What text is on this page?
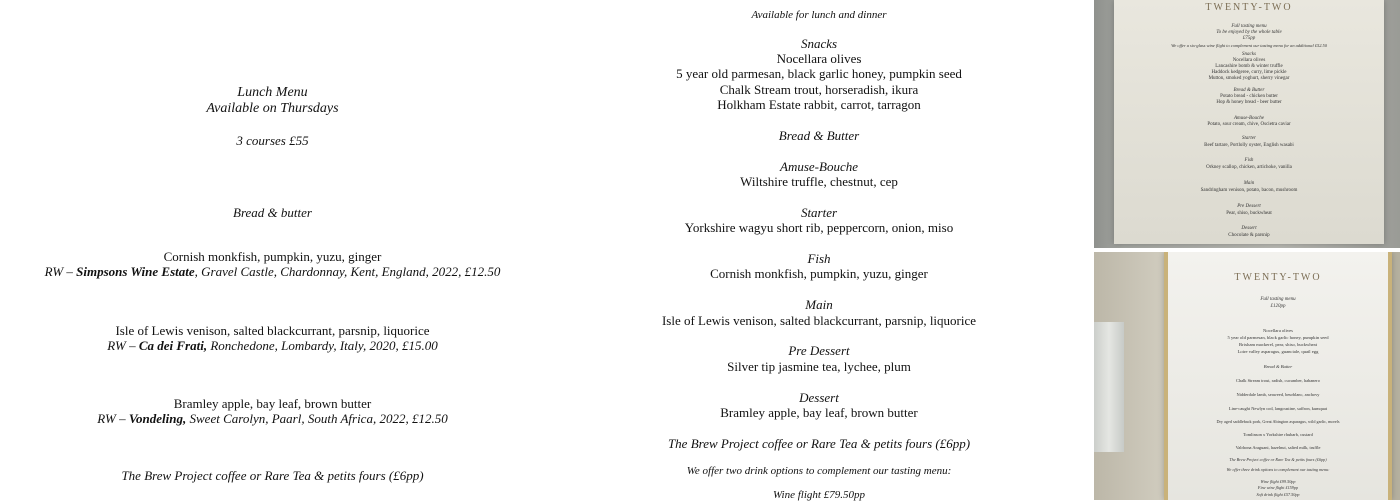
Lunch Menu
Available on Thursdays
3 courses £55
Bread & butter
Cornish monkfish, pumpkin, yuzu, ginger
RW – Simpsons Wine Estate, Gravel Castle, Chardonnay, Kent, England, 2022, £12.50
Isle of Lewis venison, salted blackcurrant, parsnip, liquorice
RW – Ca dei Frati, Ronchedone, Lombardy, Italy, 2020, £15.00
Bramley apple, bay leaf, brown butter
RW – Vondeling, Sweet Carolyn, Paarl, South Africa, 2022, £12.50
The Brew Project coffee or Rare Tea & petits fours (£6pp)
Available for lunch and dinner
Snacks
Nocellara olives
5 year old parmesan, black garlic honey, pumpkin seed
Chalk Stream trout, horseradish, ikura
Holkham Estate rabbit, carrot, tarragon
Bread & Butter
Amuse-Bouche
Wiltshire truffle, chestnut, cep
Starter
Yorkshire wagyu short rib, peppercorn, onion, miso
Fish
Cornish monkfish, pumpkin, yuzu, ginger
Main
Isle of Lewis venison, salted blackcurrant, parsnip, liquorice
Pre Dessert
Silver tip jasmine tea, lychee, plum
Dessert
Bramley apple, bay leaf, brown butter
The Brew Project coffee or Rare Tea & petits fours (£6pp)
We offer two drink options to complement our tasting menu:
Wine flight £79.50pp
TWENTY-TWO
Full tasting menu
To be enjoyed by the whole table
£75pp
We offer a six-glass wine flight to complement our tasting menu for an additional £52.50
Snacks
Nocellara olives
Lancashire bomb & winter truffle
Haddock kedgeree, curry, lime pickle
Mutton, smoked yoghurt, sherry vinegar
Bread & Butter
Potato bread - chicken butter
Hop & honey bread - beer butter
Amuse-Bouche
Potato, sour cream, chive, Oscietra caviar
Starter
Beef tartare, Portlolly oyster, English wasabi
Fish
Orkney scallop, chicken, artichoke, vanilla
Main
Sandringham venison, potato, bacon, mushroom
Pre Dessert
Pear, shiso, buckwheat
Dessert
Chocolate & parsnip
TWENTY-TWO
Full tasting menu
£120pp
Nocellara olives
5 year old parmesan, black garlic honey, pumpkin seed
Brixham mackerel, pear, shiso, buckwheat
Loire valley asparagus, guanciale, quail egg
Bread & Butter
Chalk Stream trout, radish, cucumber, habanero
Nidderdale lamb, seaweed, beurblanc, anchovy
Line-caught Newlyn cod, langoustine, saffron, kumquat
Dry aged saddleback pork, Great Abington asparagus, wild garlic, morels
Tomlinson x Yorkshire rhubarb, custard
Valrhona Araguani, hazelnut, salted milk, truffle
The Brew Project coffee or Rare Tea & petits fours (£6pp)
We offer three drink options to complement our tasting menu:
Wine flight £99.50pp
Fine wine flight £159pp
Soft drink flight £57.50pp
